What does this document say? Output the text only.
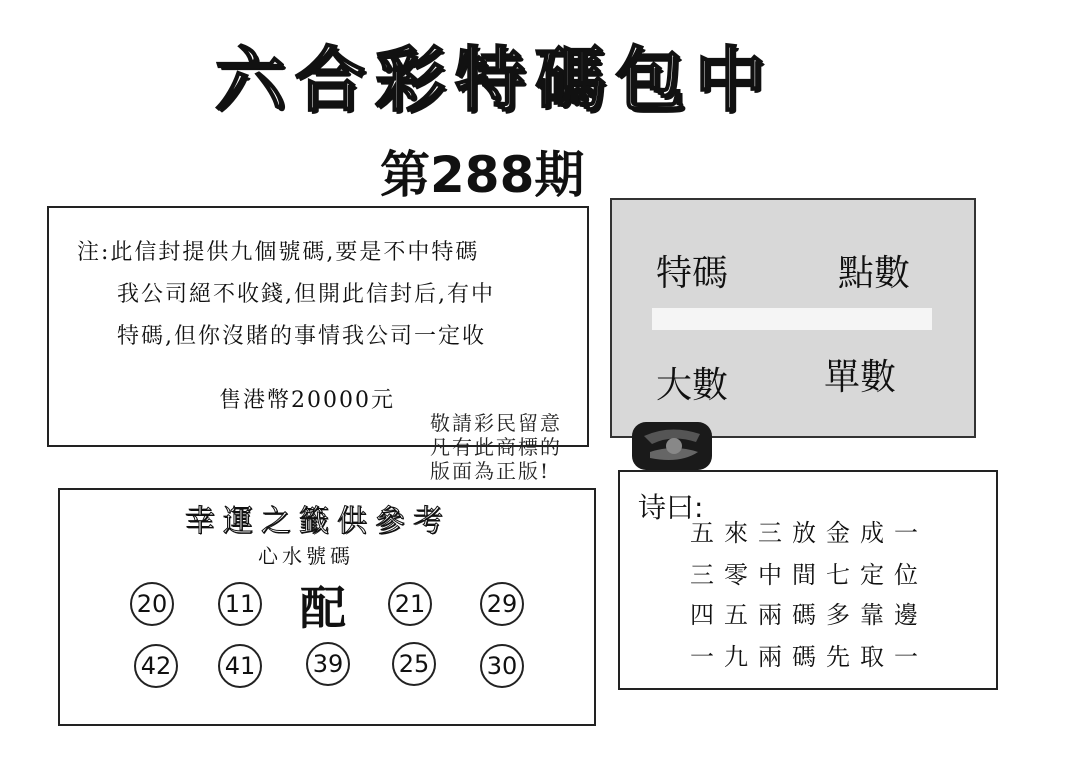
六合彩特碼包中
第288期
注:此信封提供九個號碼,要是不中特碼
我公司絕不收錢,但開此信封后,有中
特碼,但你沒賭的事情我公司一定收
售港幣20000元
特碼	點數
大數	單數
敬請彩民留意
凡有此商標的
版面為正版!
幸運之籤供參考
心水號碼
20 11 配 21	29
42 41 39 25 30
诗曰:
五來三放金成一
三零中間七定位
四五兩碼多靠邊
一九兩碼先取一
